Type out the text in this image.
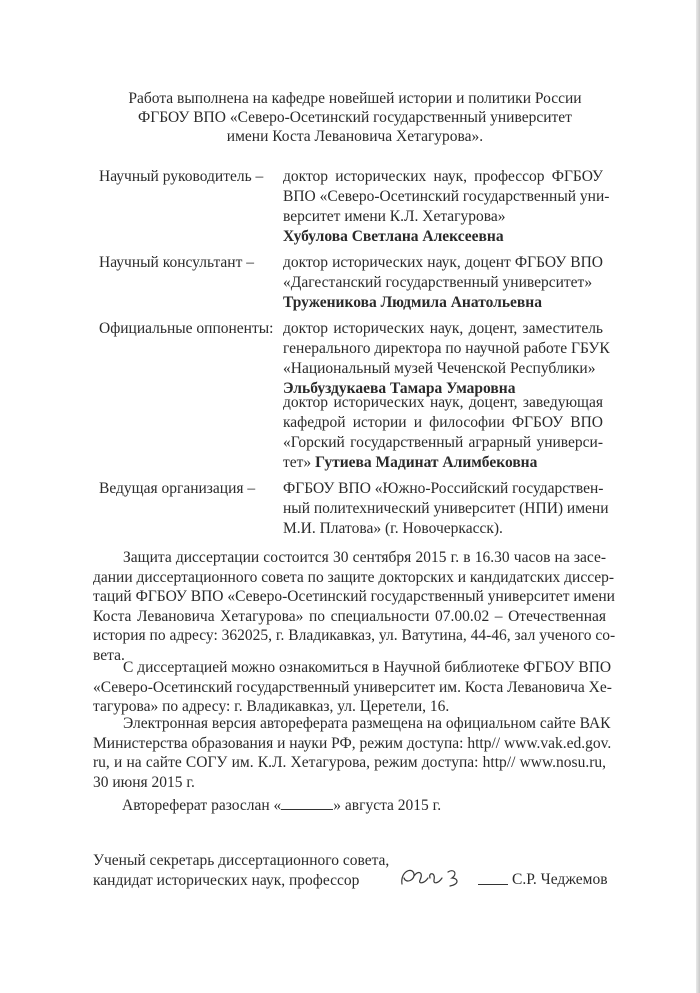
Работа выполнена на кафедре новейшей истории и политики России
ФГБОУ ВПО «Северо-Осетинский государственный университет
имени Коста Левановича Хетагурова».
Научный руководитель – доктор исторических наук, профессор ФГБОУ
ВПО «Северо-Осетинский государственный уни-
верситет имени К.Л. Хетагурова»
Хубулова Светлана Алексеевна
Научный консультант – доктор исторических наук, доцент ФГБОУ ВПО
«Дагестанский государственный университет»
Труженикова Людмила Анатольевна
Официальные оппоненты: доктор исторических наук, доцент, заместитель
генерального директора по научной работе ГБУК
«Национальный музей Чеченской Республики»
Эльбуздукаева Тамара Умаровна
доктор исторических наук, доцент, заведующая
кафедрой истории и философии ФГБОУ ВПО
«Горский государственный аграрный универси-
тет» Гутиева Мадинат Алимбековна
Ведущая организация – ФГБОУ ВПО «Южно-Российский государствен-
ный политехнический университет (НПИ) имени
М.И. Платова» (г. Новочеркасск).
Защита диссертации состоится 30 сентября 2015 г. в 16.30 часов на засе-
дании диссертационного совета по защите докторских и кандидатских диссер-
таций ФГБОУ ВПО «Северо-Осетинский государственный университет имени
Коста Левановича Хетагурова» по специальности 07.00.02 – Отечественная
история по адресу: 362025, г. Владикавказ, ул. Ватутина, 44-46, зал ученого со-
вета.
С диссертацией можно ознакомиться в Научной библиотеке ФГБОУ ВПО
«Северо-Осетинский государственный университет им. Коста Левановича Хе-
тагурова» по адресу: г. Владикавказ, ул. Церетели, 16.
Электронная версия автореферата размещена на официальном сайте ВАК
Министерства образования и науки РФ, режим доступа: http// www.vak.ed.gov.
ru, и на сайте СОГУ им. К.Л. Хетагурова, режим доступа: http// www.nosu.ru,
30 июня 2015 г.
Автореферат разослан «	» августа 2015 г.
Ученый секретарь диссертационного совета,
кандидат исторических наук, профессор	С.Р. Чеджемов
